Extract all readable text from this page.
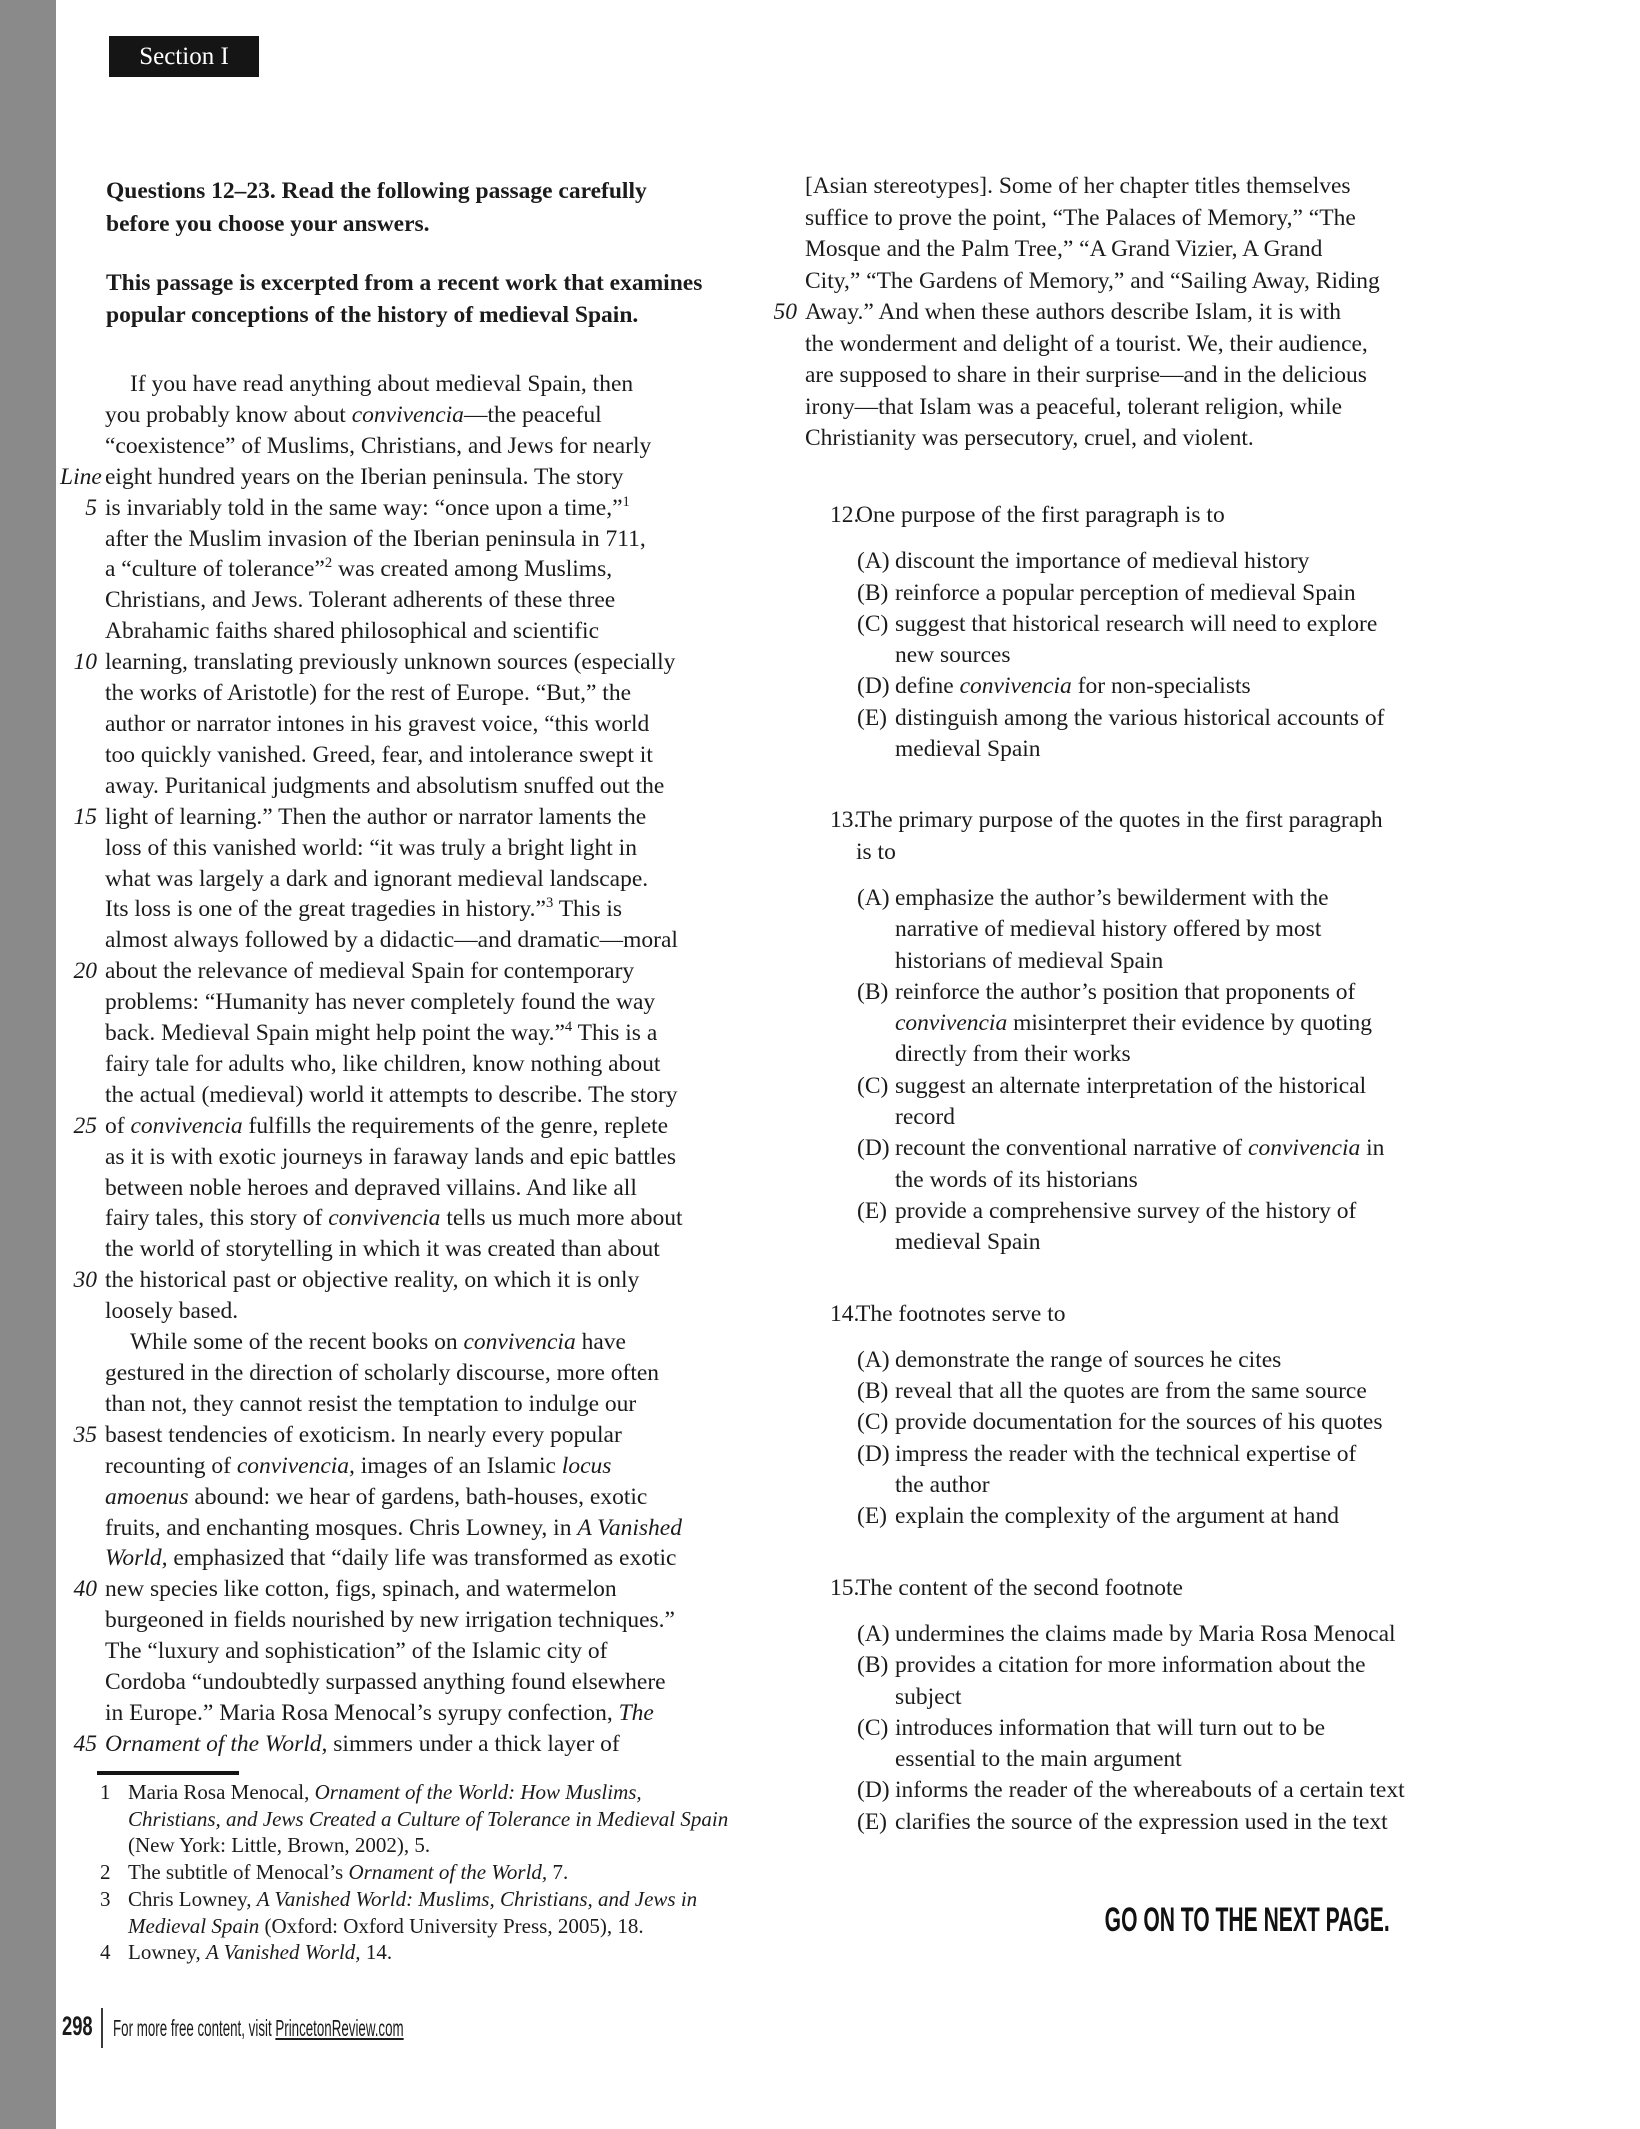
Section I
Questions 12–23. Read the following passage carefully
before you choose your answers.
This passage is excerpted from a recent work that examines
popular conceptions of the history of medieval Spain.
If you have read anything about medieval Spain, then
you probably know about convivencia—the peaceful
“coexistence” of Muslims, Christians, and Jews for nearly
Line eight hundred years on the Iberian peninsula. The story
5 is invariably told in the same way: “once upon a time,”$^1$
after the Muslim invasion of the Iberian peninsula in 711,
a “culture of tolerance”$^2$ was created among Muslims,
Christians, and Jews. Tolerant adherents of these three
Abrahamic faiths shared philosophical and scientific
10 learning, translating previously unknown sources (especially
the works of Aristotle) for the rest of Europe. “But,” the
author or narrator intones in his gravest voice, “this world
too quickly vanished. Greed, fear, and intolerance swept it
away. Puritanical judgments and absolutism snuffed out the
15 light of learning.” Then the author or narrator laments the
loss of this vanished world: “it was truly a bright light in
what was largely a dark and ignorant medieval landscape.
Its loss is one of the great tragedies in history.”$^3$ This is
almost always followed by a didactic—and dramatic—moral
20 about the relevance of medieval Spain for contemporary
problems: “Humanity has never completely found the way
back. Medieval Spain might help point the way.”$^4$ This is a
fairy tale for adults who, like children, know nothing about
the actual (medieval) world it attempts to describe. The story
25 of convivencia fulfills the requirements of the genre, replete
as it is with exotic journeys in faraway lands and epic battles
between noble heroes and depraved villains. And like all
fairy tales, this story of convivencia tells us much more about
the world of storytelling in which it was created than about
30 the historical past or objective reality, on which it is only
loosely based.
While some of the recent books on convivencia have
gestured in the direction of scholarly discourse, more often
than not, they cannot resist the temptation to indulge our
35 basest tendencies of exoticism. In nearly every popular
recounting of convivencia, images of an Islamic locus
amoenus abound: we hear of gardens, bath-houses, exotic
fruits, and enchanting mosques. Chris Lowney, in A Vanished
World, emphasized that “daily life was transformed as exotic
40 new species like cotton, figs, spinach, and watermelon
burgeoned in fields nourished by new irrigation techniques.”
The “luxury and sophistication” of the Islamic city of
Cordoba “undoubtedly surpassed anything found elsewhere
in Europe.” Maria Rosa Menocal’s syrupy confection, The
45 Ornament of the World, simmers under a thick layer of
1 Maria Rosa Menocal, Ornament of the World: How Muslims,
Christians, and Jews Created a Culture of Tolerance in Medieval Spain
(New York: Little, Brown, 2002), 5.
2 The subtitle of Menocal’s Ornament of the World, 7.
3 Chris Lowney, A Vanished World: Muslims, Christians, and Jews in
Medieval Spain (Oxford: Oxford University Press, 2005), 18.
4 Lowney, A Vanished World, 14.
[Asian stereotypes]. Some of her chapter titles themselves
suffice to prove the point, “The Palaces of Memory,” “The
Mosque and the Palm Tree,” “A Grand Vizier, A Grand
City,” “The Gardens of Memory,” and “Sailing Away, Riding
50 Away.” And when these authors describe Islam, it is with
the wonderment and delight of a tourist. We, their audience,
are supposed to share in their surprise—and in the delicious
irony—that Islam was a peaceful, tolerant religion, while
Christianity was persecutory, cruel, and violent.
12.
One purpose of the first paragraph is to
(A) discount the importance of medieval history
(B) reinforce a popular perception of medieval Spain
(C) suggest that historical research will need to explore
new sources
(D) define convivencia for non-specialists
(E) distinguish among the various historical accounts of
medieval Spain
13.
The primary purpose of the quotes in the first paragraph
is to
(A) emphasize the author’s bewilderment with the
narrative of medieval history offered by most
historians of medieval Spain
(B) reinforce the author’s position that proponents of
convivencia misinterpret their evidence by quoting
directly from their works
(C) suggest an alternate interpretation of the historical
record
(D) recount the conventional narrative of convivencia in
the words of its historians
(E) provide a comprehensive survey of the history of
medieval Spain
14.
The footnotes serve to
(A) demonstrate the range of sources he cites
(B) reveal that all the quotes are from the same source
(C) provide documentation for the sources of his quotes
(D) impress the reader with the technical expertise of
the author
(E) explain the complexity of the argument at hand
15.
The content of the second footnote
(A) undermines the claims made by Maria Rosa Menocal
(B) provides a citation for more information about the
subject
(C) introduces information that will turn out to be
essential to the main argument
(D) informs the reader of the whereabouts of a certain text
(E) clarifies the source of the expression used in the text
GO ON TO THE NEXT PAGE.
298 For more free content, visit PrincetonReview.com
